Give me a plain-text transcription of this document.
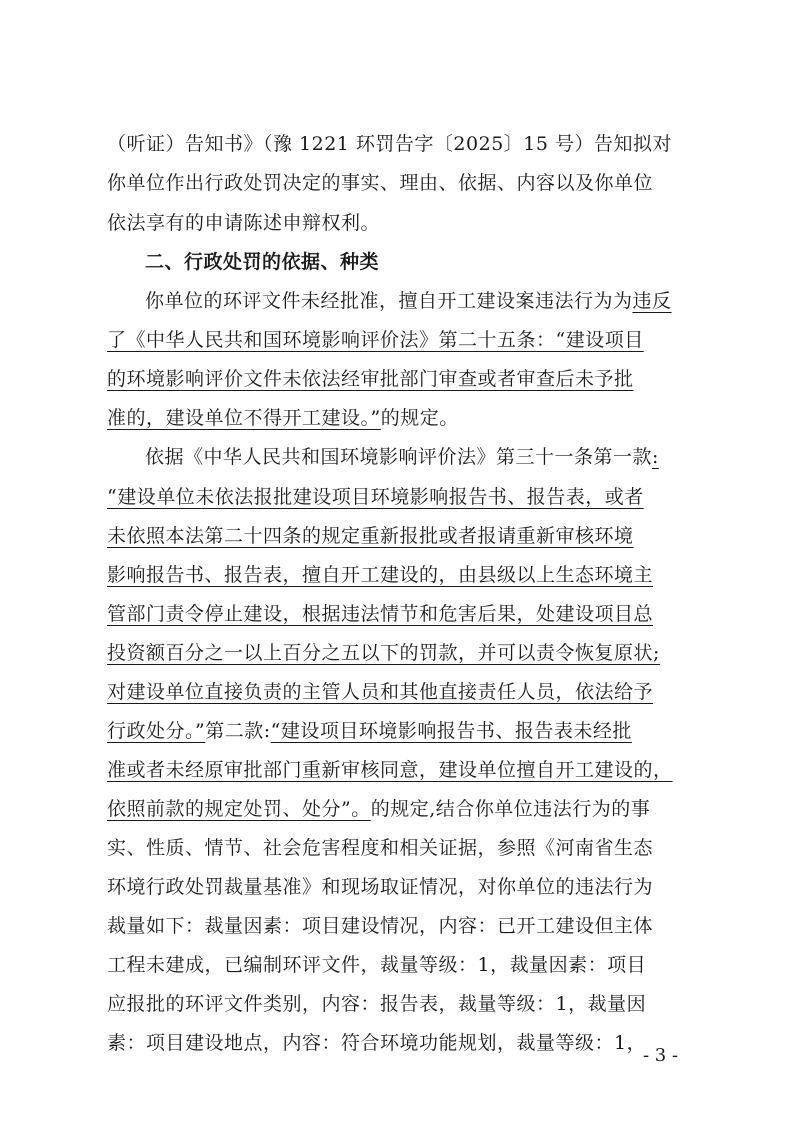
（听证）告知书》（豫 1221 环罚告字〔2025〕15 号）告知拟对
你单位作出行政处罚决定的事实、理由、依据、内容以及你单位
依法享有的申请陈述申辩权利。
二、行政处罚的依据、种类
你单位的环评文件未经批准，擅自开工建设案违法行为为违反
了《中华人民共和国环境影响评价法》第二十五条：“建设项目
的环境影响评价文件未依法经审批部门审查或者审查后未予批
准的，建设单位不得开工建设。”的规定。
依据《中华人民共和国环境影响评价法》第三十一条第一款:
“建设单位未依法报批建设项目环境影响报告书、报告表，或者
未依照本法第二十四条的规定重新报批或者报请重新审核环境
影响报告书、报告表，擅自开工建设的，由县级以上生态环境主
管部门责令停止建设，根据违法情节和危害后果，处建设项目总
投资额百分之一以上百分之五以下的罚款，并可以责令恢复原状;
对建设单位直接负责的主管人员和其他直接责任人员，依法给予
行政处分。”第二款:“建设项目环境影响报告书、报告表未经批
准或者未经原审批部门重新审核同意，建设单位擅自开工建设的，
依照前款的规定处罚、处分”。的规定,结合你单位违法行为的事
实、性质、情节、社会危害程度和相关证据，参照《河南省生态
环境行政处罚裁量基准》和现场取证情况，对你单位的违法行为
裁量如下：裁量因素：项目建设情况，内容：已开工建设但主体
工程未建成，已编制环评文件，裁量等级：1，裁量因素：项目
应报批的环评文件类别，内容：报告表，裁量等级：1，裁量因
素：项目建设地点，内容：符合环境功能规划，裁量等级：1，
- 3 -
